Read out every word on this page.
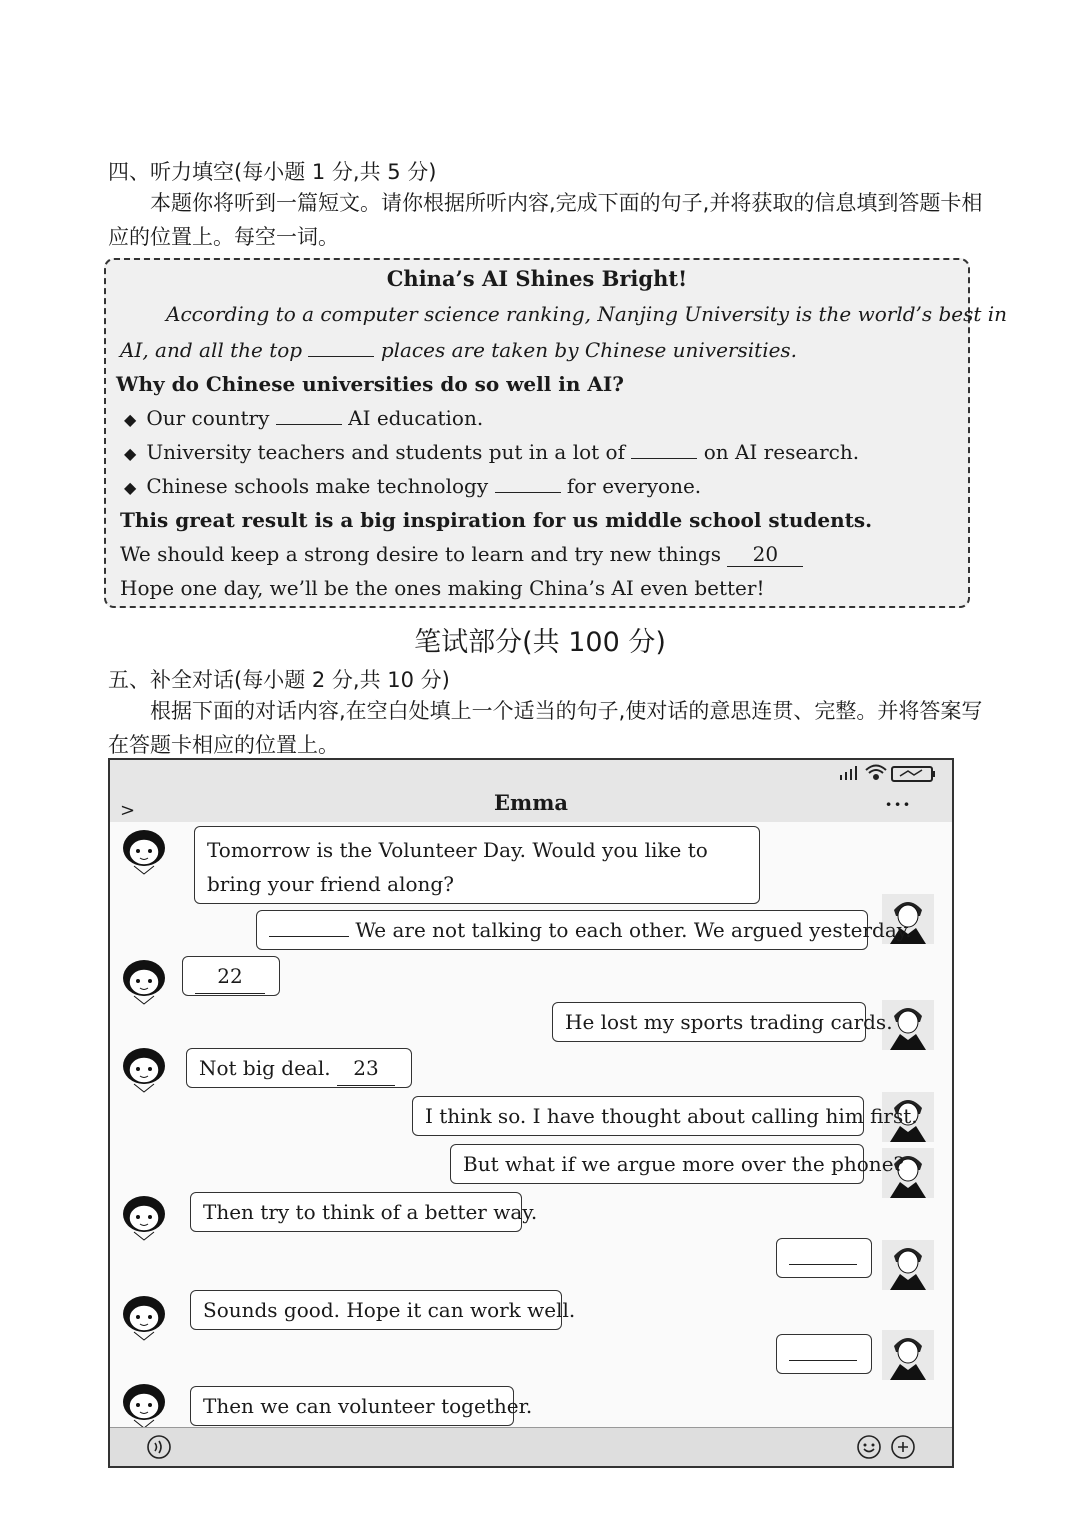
四、听力填空(每小题 1 分,共 5 分)
本题你将听到一篇短文。请你根据所听内容,完成下面的句子,并将获取的信息填到答题卡相应的位置上。每空一词。
China’s AI Shines Bright!
According to a computer science ranking, Nanjing University is the world’s best in
AI, and all the top	places are taken by Chinese universities.
Why do Chinese universities do so well in AI?
◆ Our country	AI education.
◆ University teachers and students put in a lot of	on AI research.
◆ Chinese schools make technology	for everyone.
This great result is a big inspiration for us middle school students.
We should keep a strong desire to learn and try new things 20
Hope one day, we’ll be the ones making China’s AI even better!
笔试部分(共 100 分)
五、补全对话(每小题 2 分,共 10 分)
根据下面的对话内容,在空白处填上一个适当的句子,使对话的意思连贯、完整。并将答案写在答题卡相应的位置上。
>	Emma	···
Tomorrow is the Volunteer Day. Would you like to bring your friend along?
We are not talking to each other. We argued yesterday.
22
He lost my sports trading cards.
Not big deal. 23
I think so. I have thought about calling him first.
But what if we argue more over the phone?
Then try to think of a better way.
Sounds good. Hope it can work well.
Then we can volunteer together.
